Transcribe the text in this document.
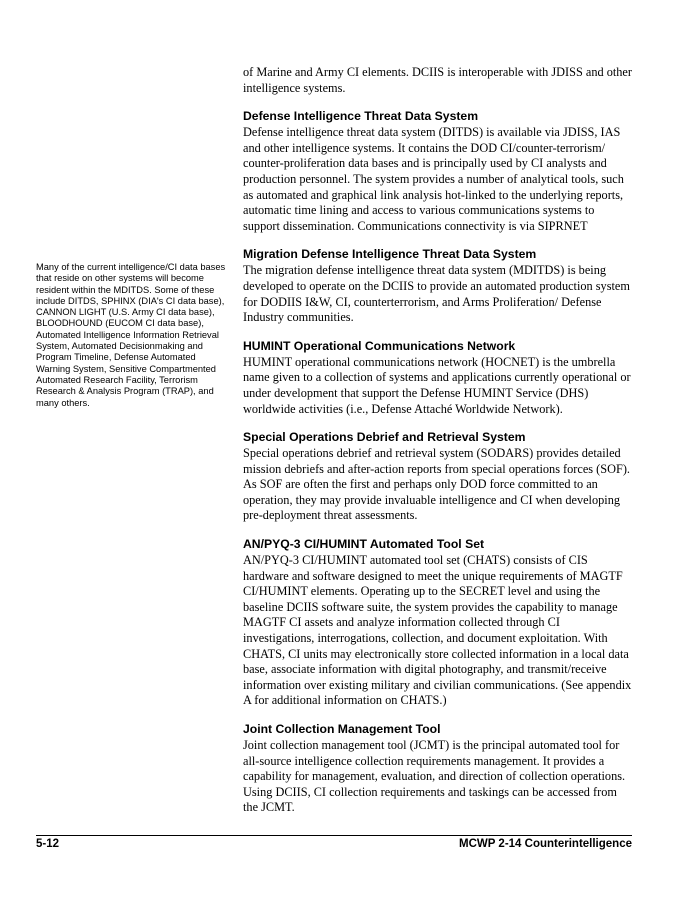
Many of the current intelligence/CI data bases that reside on other systems will become resident within the MDITDS. Some of these include DITDS, SPHINX (DIA's CI data base), CANNON LIGHT (U.S. Army CI data base), BLOODHOUND (EUCOM CI data base), Automated Intelligence Information Retrieval System, Automated Decisionmaking and Program Timeline, Defense Automated Warning System, Sensitive Compartmented Automated Research Facility, Terrorism Research & Analysis Program (TRAP), and many others.

of Marine and Army CI elements. DCIIS is interoperable with JDISS and other intelligence systems.

Defense Intelligence Threat Data System

Defense intelligence threat data system (DITDS) is available via JDISS, IAS and other intelligence systems. It contains the DOD CI/counter-terrorism/ counter-proliferation data bases and is principally used by CI analysts and production personnel. The system provides a number of analytical tools, such as automated and graphical link analysis hot-linked to the underlying reports, automatic time lining and access to various communications systems to support dissemination. Communications connectivity is via SIPRNET

Migration Defense Intelligence Threat Data System

The migration defense intelligence threat data system (MDITDS) is being developed to operate on the DCIIS to provide an automated production system for DODIIS I&W, CI, counterterrorism, and Arms Proliferation/ Defense Industry communities.

HUMINT Operational Communications Network

HUMINT operational communications network (HOCNET) is the umbrella name given to a collection of systems and applications currently operational or under development that support the Defense HUMINT Service (DHS) worldwide activities (i.e., Defense Attaché Worldwide Network).

Special Operations Debrief and Retrieval System

Special operations debrief and retrieval system (SODARS) provides detailed mission debriefs and after-action reports from special operations forces (SOF). As SOF are often the first and perhaps only DOD force committed to an operation, they may provide invaluable intelligence and CI when developing pre-deployment threat assessments.

AN/PYQ-3 CI/HUMINT Automated Tool Set

AN/PYQ-3 CI/HUMINT automated tool set (CHATS) consists of CIS hardware and software designed to meet the unique requirements of MAGTF CI/HUMINT elements. Operating up to the SECRET level and using the baseline DCIIS software suite, the system provides the capability to manage MAGTF CI assets and analyze information collected through CI investigations, interrogations, collection, and document exploitation. With CHATS, CI units may electronically store collected information in a local data base, associate information with digital photography, and transmit/receive information over existing military and civilian communications. (See appendix A for additional information on CHATS.)

Joint Collection Management Tool

Joint collection management tool (JCMT) is the principal automated tool for all-source intelligence collection requirements management. It provides a capability for management, evaluation, and direction of collection operations. Using DCIIS, CI collection requirements and taskings can be accessed from the JCMT.

5-12	MCWP 2-14 Counterintelligence
